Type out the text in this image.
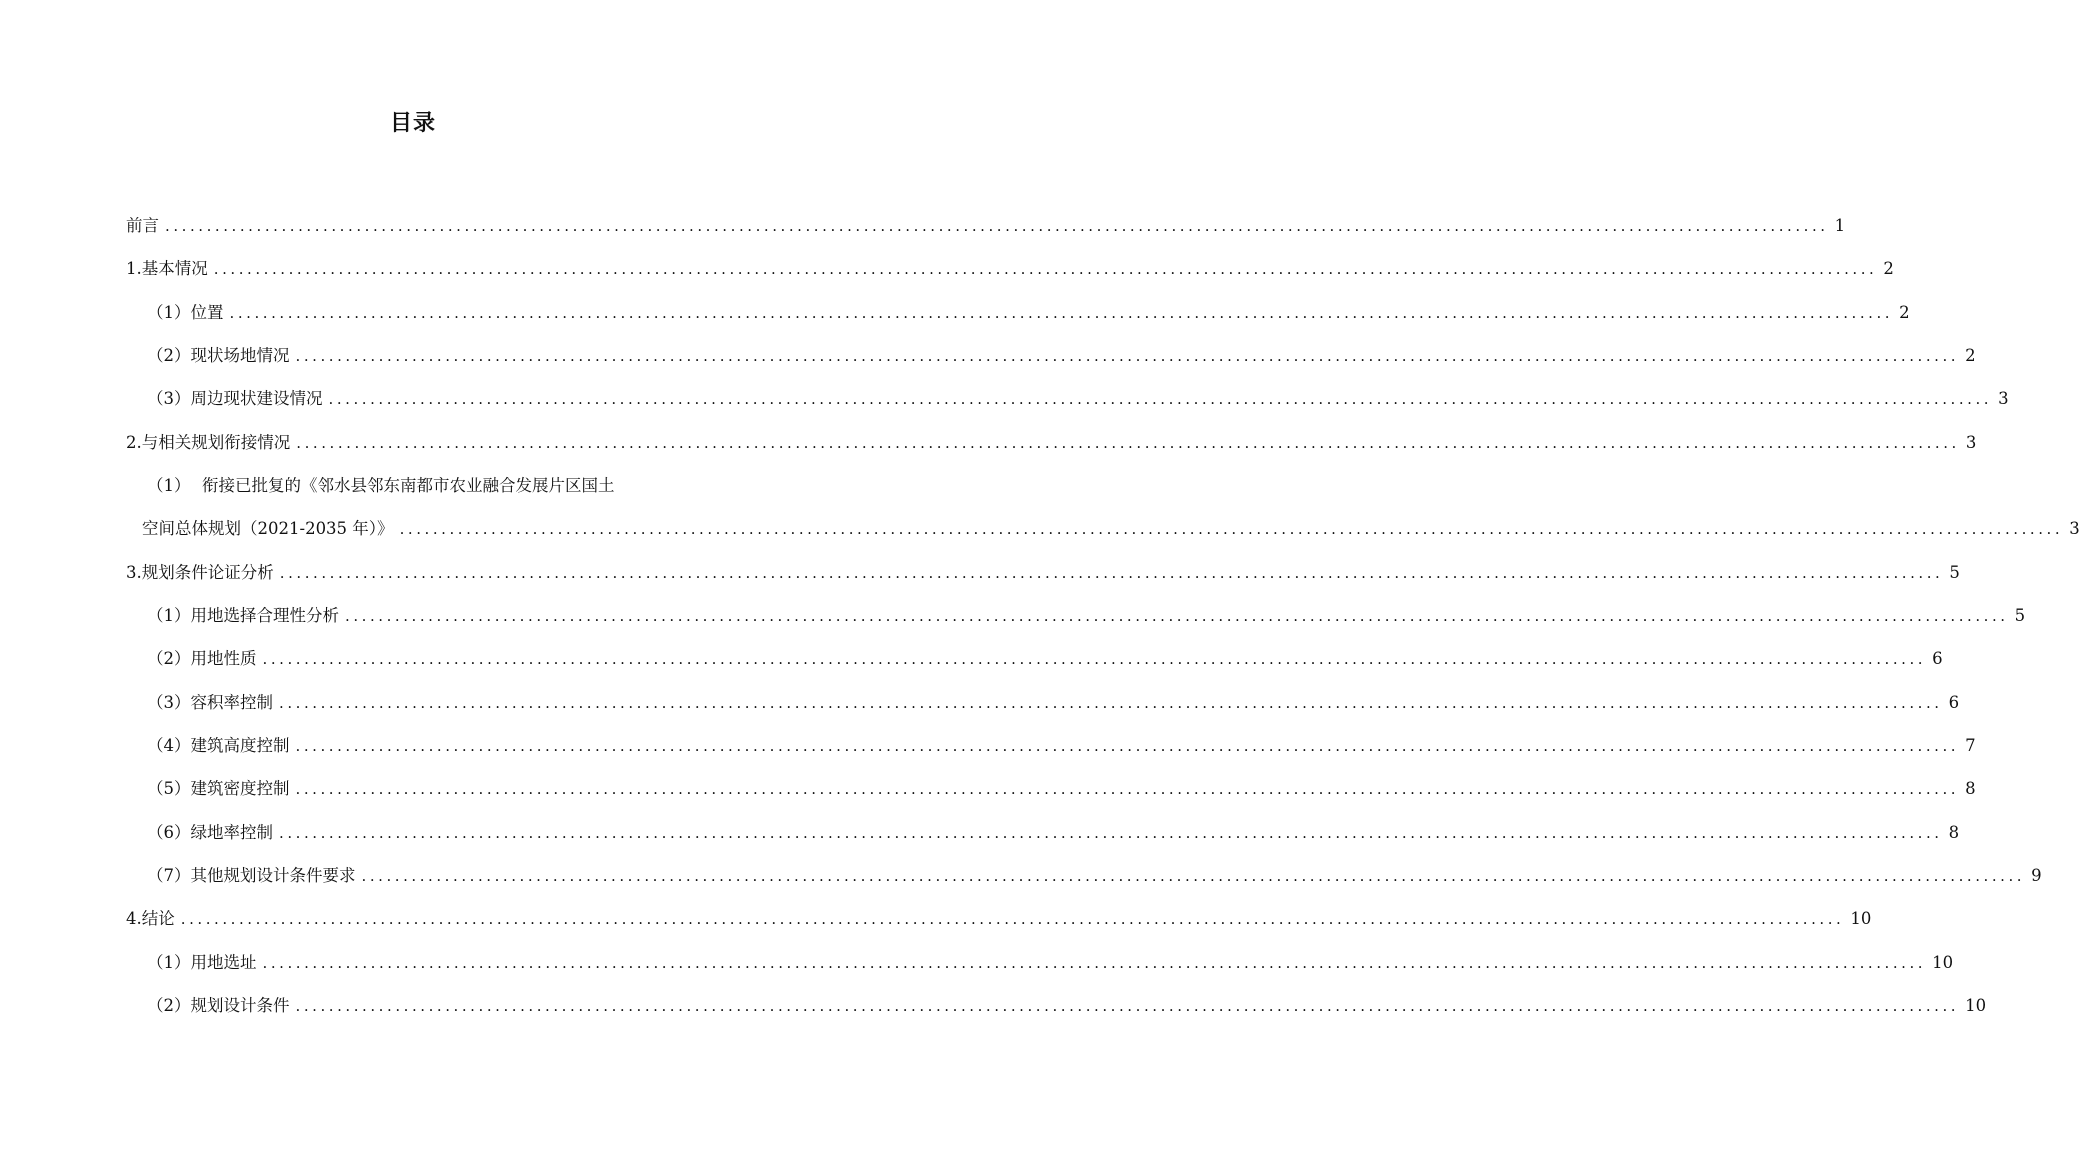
目录
前言 ........................................................................................................................................................................................................ 1
1. 基本情况 ........................................................................................................................................................................................................ 2
（1） 位置 ........................................................................................................................................................................................................ 2
（2） 现状场地情况 ........................................................................................................................................................................................................ 2
（3） 周边现状建设情况 ........................................................................................................................................................................................................ 3
2. 与相关规划衔接情况 ........................................................................................................................................................................................................ 3
（1） 衔接已批复的《邻水县邻东南都市农业融合发展片区国土
空间总体规划（2021-2035 年）》 ........................................................................................................................................................................................................ 3
3. 规划条件论证分析 ........................................................................................................................................................................................................ 5
（1） 用地选择合理性分析 ........................................................................................................................................................................................................ 5
（2） 用地性质 ........................................................................................................................................................................................................ 6
（3） 容积率控制 ........................................................................................................................................................................................................ 6
（4） 建筑高度控制 ........................................................................................................................................................................................................ 7
（5） 建筑密度控制 ........................................................................................................................................................................................................ 8
（6） 绿地率控制 ........................................................................................................................................................................................................ 8
（7） 其他规划设计条件要求 ........................................................................................................................................................................................................ 9
4. 结论 ........................................................................................................................................................................................................ 10
（1） 用地选址 ........................................................................................................................................................................................................ 10
（2） 规划设计条件 ........................................................................................................................................................................................................ 10
